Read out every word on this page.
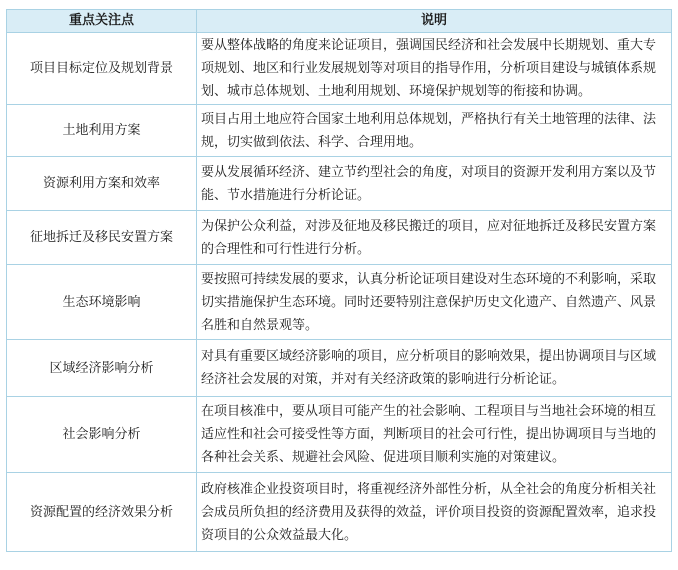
重点关注点	说明
项目目标定位及规划背景	要从整体战略的角度来论证项目，强调国民经济和社会发展中长期规划、重大专项规划、地区和行业发展规划等对项目的指导作用，分析项目建设与城镇体系规划、城市总体规划、土地利用规划、环境保护规划等的衔接和协调。
土地利用方案	项目占用土地应符合国家土地利用总体规划，严格执行有关土地管理的法律、法规，切实做到依法、科学、合理用地。
资源利用方案和效率	要从发展循环经济、建立节约型社会的角度，对项目的资源开发利用方案以及节能、节水措施进行分析论证。
征地拆迁及移民安置方案	为保护公众利益，对涉及征地及移民搬迁的项目，应对征地拆迁及移民安置方案的合理性和可行性进行分析。
生态环境影响	要按照可持续发展的要求，认真分析论证项目建设对生态环境的不利影响，采取切实措施保护生态环境。同时还要特别注意保护历史文化遗产、自然遗产、风景名胜和自然景观等。
区域经济影响分析	对具有重要区域经济影响的项目，应分析项目的影响效果，提出协调项目与区域经济社会发展的对策，并对有关经济政策的影响进行分析论证。
社会影响分析	在项目核准中，要从项目可能产生的社会影响、工程项目与当地社会环境的相互适应性和社会可接受性等方面，判断项目的社会可行性，提出协调项目与当地的各种社会关系、规避社会风险、促进项目顺利实施的对策建议。
资源配置的经济效果分析	政府核准企业投资项目时，将重视经济外部性分析，从全社会的角度分析相关社会成员所负担的经济费用及获得的效益，评价项目投资的资源配置效率，追求投资项目的公众效益最大化。
